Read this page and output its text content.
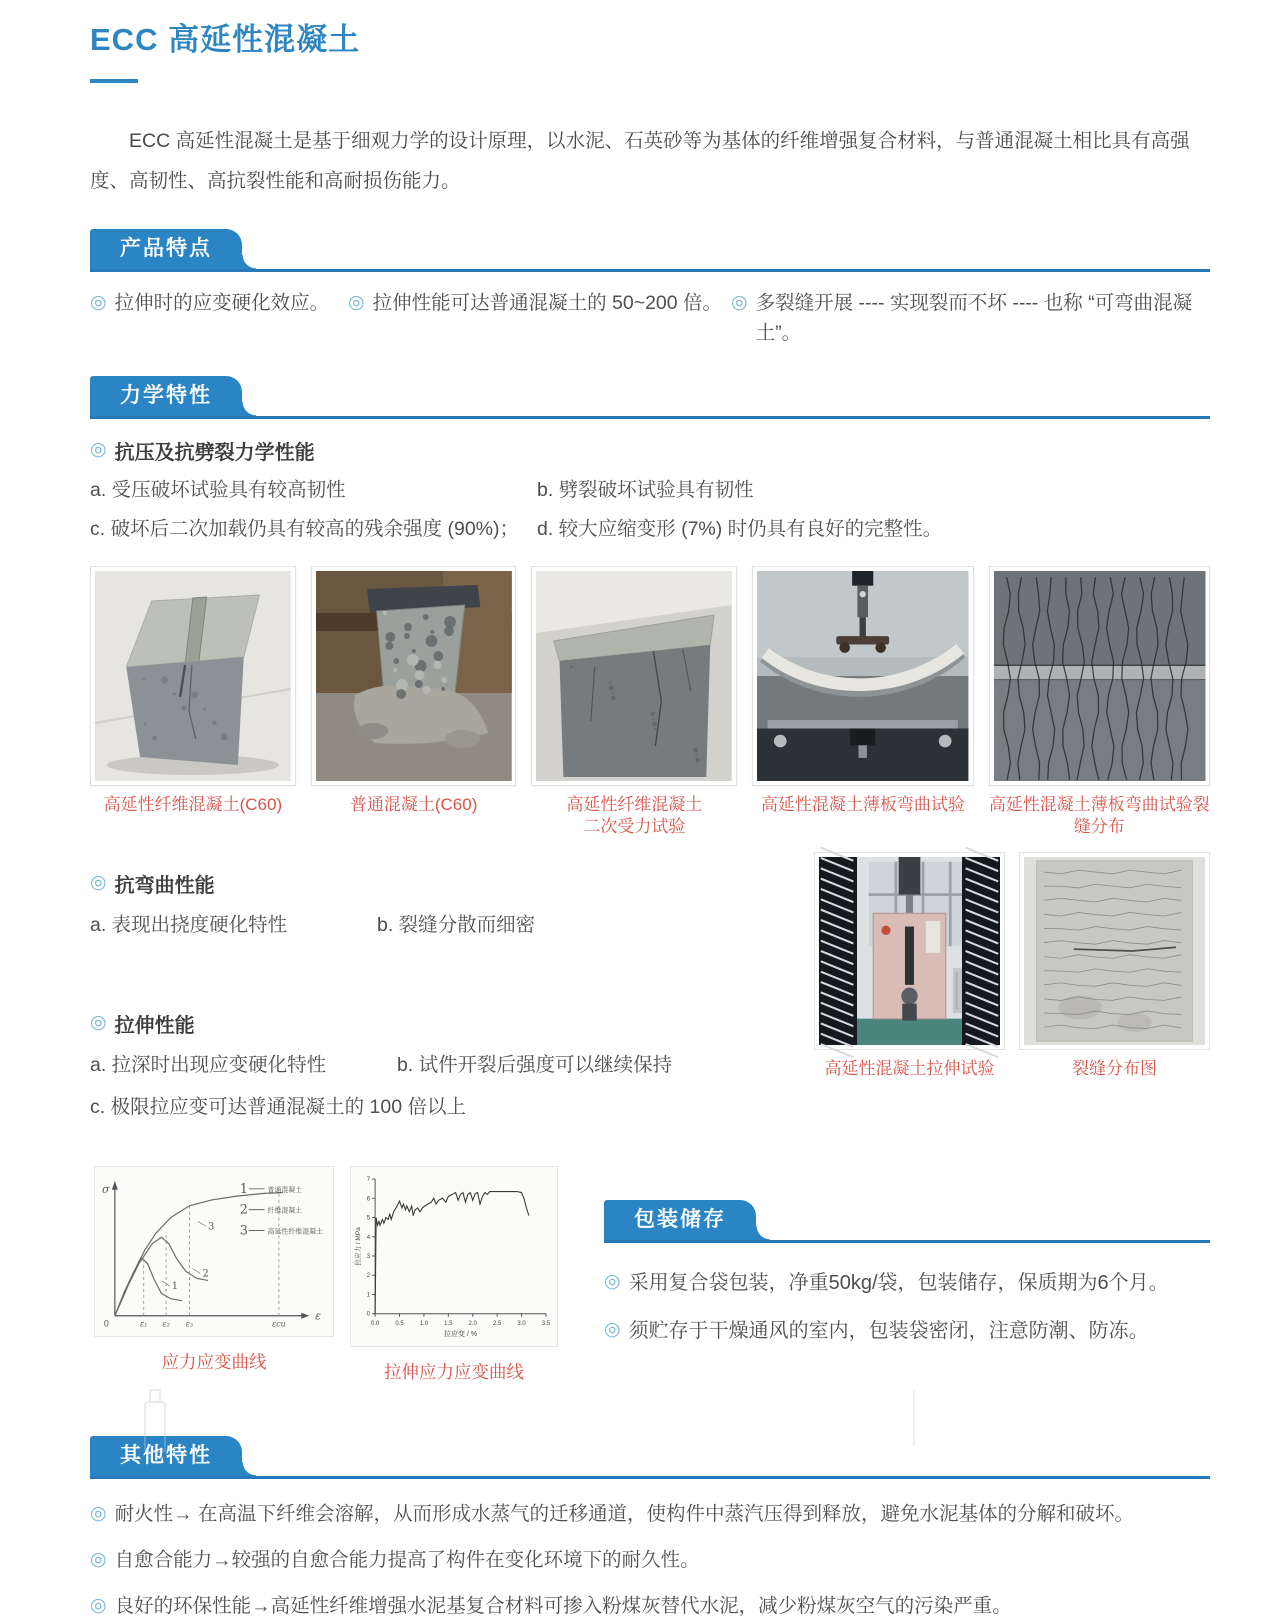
ECC 高延性混凝土

ECC 高延性混凝土是基于细观力学的设计原理，以水泥、石英砂等为基体的纤维增强复合材料，与普通混凝土相比具有高强度、高韧性、高抗裂性能和高耐损伤能力。

产品特点
◎ 拉伸时的应变硬化效应。 ◎ 拉伸性能可达普通混凝土的 50~200 倍。 ◎ 多裂缝开展 ---- 实现裂而不坏 ---- 也称 “可弯曲混凝土”。
力学特性
◎ 抗压及抗劈裂力学性能
a. 受压破坏试验具有较高韧性	b. 劈裂破坏试验具有韧性
c. 破坏后二次加载仍具有较高的残余强度 (90%)； d. 较大应缩变形 (7%) 时仍具有良好的完整性。
高延性纤维混凝土(C60)	普通混凝土(C60)	高延性纤维混凝土
二次受力试验
高延性混凝土薄板弯曲试验	高延性混凝土薄板弯曲试验裂缝分布
◎ 抗弯曲性能
a. 表现出挠度硬化特性	b. 裂缝分散而细密
◎ 拉伸性能
a. 拉深时出现应变硬化特性	b. 试件开裂后强度可以继续保持
c. 极限拉应变可达普通混凝土的 100 倍以上
高延性混凝土拉伸试验	裂缝分布图
σ
ε
0	ε₁ ε₂ ε₃	εcu
1
2
3
1	普通混凝土
2	纤维混凝土
3	高延性纤维混凝土
应力应变曲线
0.0	0.5	1.0	1.5	2.0	2.5	3.0	3.5
0
1
2
3
4
5
6
7
拉应力 / MPa
拉应变 / %
拉伸应力应变曲线
包装储存
◎ 采用复合袋包装，净重50kg/袋，包装储存，保质期为6个月。
◎ 须贮存于干燥通风的室内，包装袋密闭，注意防潮、防冻。
其他特性
◎ 耐火性→ 在高温下纤维会溶解，从而形成水蒸气的迁移通道，使构件中蒸汽压得到释放，避免水泥基体的分解和破坏。
◎ 自愈合能力→较强的自愈合能力提高了构件在变化环境下的耐久性。
◎ 良好的环保性能→高延性纤维增强水泥基复合材料可掺入粉煤灰替代水泥，减少粉煤灰空气的污染严重。
